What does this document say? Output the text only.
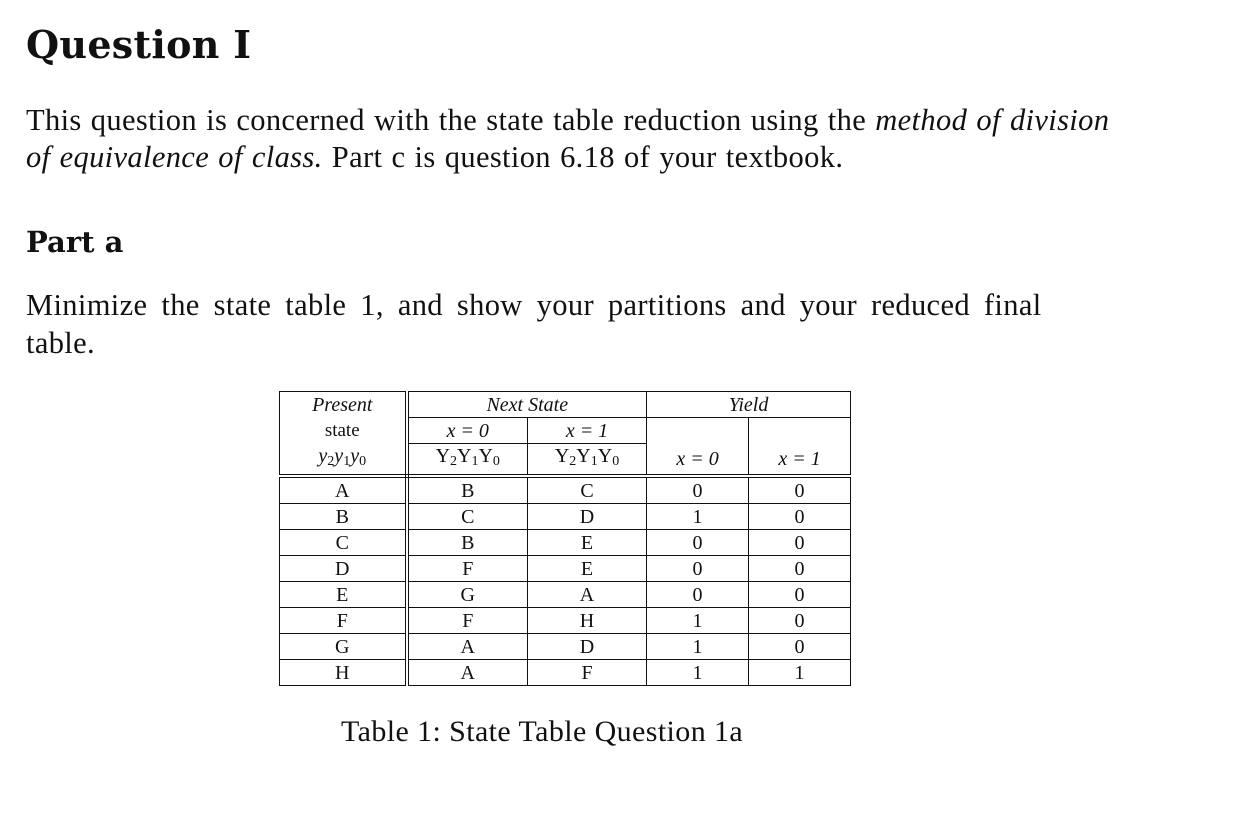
Question I

This question is concerned with the state table reduction using the method of division of equivalence of class. Part c is question 6.18 of your textbook.

Part a

Minimize the state table 1, and show your partitions and your reduced final
table.

Present	Next State		Yield	
state	x = 0	x = 1		
y2y1y0	$Y_2Y_1Y_0$	$Y_2Y_1Y_0$	x = 0	x = 1
A	B	C	0	0
B	C	D	1	0
C	B	E	0	0
D	F	E	0	0
E	G	A	0	0
F	F	H	1	0
G	A	D	1	0
H	A	F	1	1

Table 1: State Table Question 1a
